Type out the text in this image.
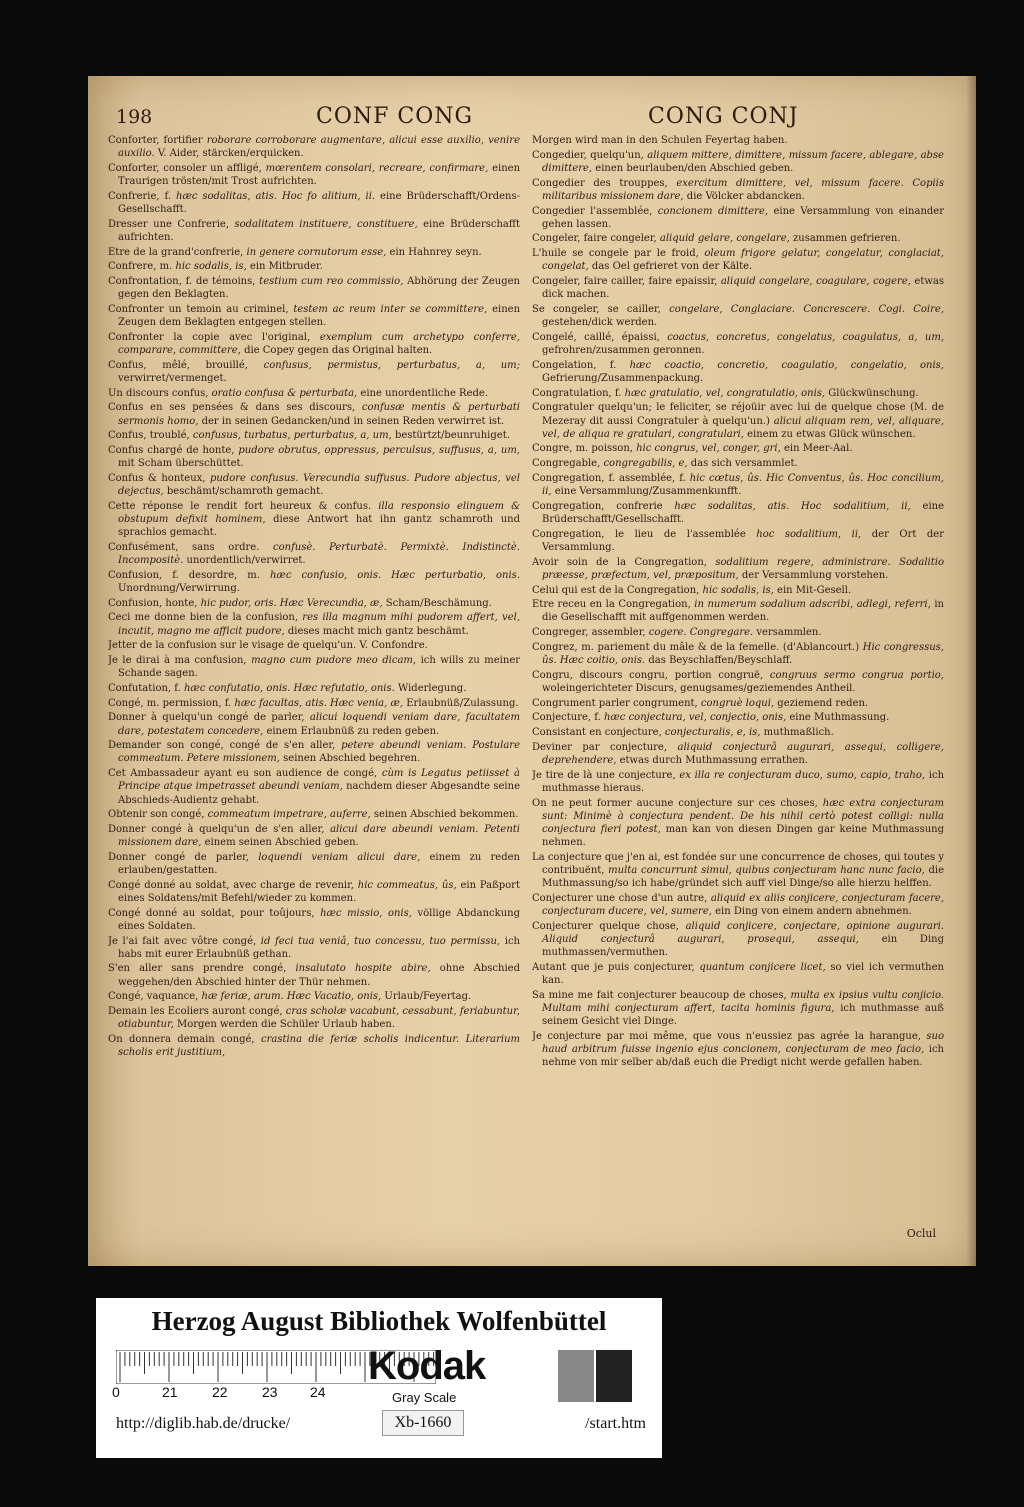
198	CONF CONG	CONG CONJ
Conforter, fortifier roborare corroborare augmentare, alicui esse auxilio, venire auxilio. V. Aider, stärcken/erquicken.
Conforter, consoler un affligé, mœrentem consolari, recreare, confirmare, einen Traurigen trösten/mit Trost aufrichten.
Confrerie, f. hæc sodalitas, atis. Hoc fo alitium, ii. eine Brüderschafft/Ordens-Gesellschafft.
Dresser une Confrerie, sodalitatem instituere, constituere, eine Brüderschafft aufrichten.
Etre de la grand'confrerie, in genere cornutorum esse, ein Hahnrey seyn.
Confrere, m. hic sodalis, is, ein Mitbruder.
Confrontation, f. de témoins, testium cum reo commissio, Abhörung der Zeugen gegen den Beklagten.
Confronter un temoin au criminel, testem ac reum inter se committere, einen Zeugen dem Beklagten entgegen stellen.
Confronter la copie avec l'original, exemplum cum archetypo conferre, comparare, committere, die Copey gegen das Original halten.
Confus, mêlé, brouillé, confusus, permistus, perturbatus, a, um; verwirret/vermenget.
Un discours confus, oratio confusa & perturbata, eine unordentliche Rede.
Confus en ses pensées & dans ses discours, confusæ mentis & perturbati sermonis homo, der in seinen Gedancken/und in seinen Reden verwirret ist.
Confus, troublé, confusus, turbatus, perturbatus, a, um, bestürtzt/beunruhiget.
Confus chargé de honte, pudore obrutus, oppressus, perculsus, suffusus, a, um, mit Scham überschüttet.
Confus & honteux, pudore confusus. Verecundia suffusus. Pudore abjectus, vel dejectus, beschämt/schamroth gemacht.
Cette réponse le rendit fort heureux & confus. illa responsio elinguem & obstupum defixit hominem, diese Antwort hat ihn gantz schamroth und sprachlos gemacht.
Confusément, sans ordre. confusè. Perturbatè. Permixtè. Indistinctè. Incompositè. unordentlich/verwirret.
Confusion, f. desordre, m. hæc confusio, onis. Hæc perturbatio, onis. Unordnung/Verwirrung.
Confusion, honte, hic pudor, oris. Hæc Verecundia, æ, Scham/Beschämung.
Ceci me donne bien de la confusion, res illa magnum mihi pudorem affert, vel, incutit, magno me afficit pudore, dieses macht mich gantz beschämt.
Jetter de la confusion sur le visage de quelqu'un. V. Confondre.
Je le dirai à ma confusion, magno cum pudore meo dicam, ich wills zu meiner Schande sagen.
Confutation, f. hæc confutatio, onis. Hæc refutatio, onis. Widerlegung.
Congé, m. permission, f. hæc facultas, atis. Hæc venia, æ, Erlaubnüß/Zulassung.
Donner à quelqu'un congé de parler, alicui loquendi veniam dare, facultatem dare, potestatem concedere, einem Erlaubnüß zu reden geben.
Demander son congé, congé de s'en aller, petere abeundi veniam. Postulare commeatum. Petere missionem, seinen Abschied begehren.
Cet Ambassadeur ayant eu son audience de congé, cùm is Legatus petiisset à Principe atque impetrasset abeundi veniam, nachdem dieser Abgesandte seine Abschieds-Audientz gehabt.
Obtenir son congé, commeatum impetrare, auferre, seinen Abschied bekommen.
Donner congé à quelqu'un de s'en aller, alicui dare abeundi veniam. Petenti missionem dare, einem seinen Abschied geben.
Donner congé de parler, loquendi veniam alicui dare, einem zu reden erlauben/gestatten.
Congé donné au soldat, avec charge de revenir, hic commeatus, ûs, ein Paßport eines Soldatens/mit Befehl/wieder zu kommen.
Congé donné au soldat, pour toûjours, hæc missio, onis, völlige Abdanckung eines Soldaten.
Je l'ai fait avec vôtre congé, id feci tua veniâ, tuo concessu, tuo permissu, ich habs mit eurer Erlaubnüß gethan.
S'en aller sans prendre congé, insalutato hospite abire, ohne Abschied weggehen/den Abschied hinter der Thür nehmen.
Congé, vaquance, hæ feriæ, arum. Hæc Vacatio, onis, Urlaub/Feyertag.
Demain les Ecoliers auront congé, cras scholæ vacabunt, cessabunt, feriabuntur, otiabuntur, Morgen werden die Schüler Urlaub haben.
On donnera demain congé, crastina die feriæ scholis indicentur. Literarium scholis erit justitium,
Morgen wird man in den Schulen Feyertag haben.
Congedier, quelqu'un, aliquem mittere, dimittere, missum facere, ablegare, abse dimittere, einen beurlauben/den Abschied geben.
Congedier des trouppes, exercitum dimittere, vel, missum facere. Copiis militaribus missionem dare, die Völcker abdancken.
Congedier l'assemblée, concionem dimittere, eine Versammlung von einander gehen lassen.
Congeler, faire congeler, aliquid gelare, congelare, zusammen gefrieren.
L'huile se congele par le froid, oleum frigore gelatur, congelatur, conglaciat, congelat, das Oel gefrieret von der Kälte.
Congeler, faire cailler, faire epaissir, aliquid congelare, coagulare, cogere, etwas dick machen.
Se congeler, se cailler, congelare, Conglaciare. Concrescere. Cogi. Coire, gestehen/dick werden.
Congelé, caillé, épaissi, coactus, concretus, congelatus, coagulatus, a, um, gefrohren/zusammen geronnen.
Congelation, f. hæc coactio, concretio, coagulatio, congelatio, onis, Gefrierung/Zusammenpackung.
Congratulation, f. hæc gratulatio, vel, congratulatio, onis, Glückwünschung.
Congratuler quelqu'un; le feliciter, se réjoüir avec lui de quelque chose (M. de Mezeray dit aussi Congratuler à quelqu'un.) alicui aliquam rem, vel, aliquare, vel, de aliqua re gratulari, congratulari, einem zu etwas Glück wünschen.
Congre, m. poisson, hic congrus, vel, conger, gri, ein Meer-Aal.
Congregable, congregabilis, e, das sich versammlet.
Congregation, f. assemblée, f. hic cœtus, ûs. Hic Conventus, ûs. Hoc concilium, ii, eine Versammlung/Zusammenkunfft.
Congregation, confrerie hæc sodalitas, atis. Hoc sodalitium, ii, eine Brüderschafft/Gesellschafft.
Congregation, le lieu de l'assemblée hoc sodalitium, ii, der Ort der Versammlung.
Avoir soin de la Congregation, sodalitium regere, administrare. Sodalitio præesse, præfectum, vel, præpositum, der Versammlung vorstehen.
Celui qui est de la Congregation, hic sodalis, is, ein Mit-Gesell.
Etre receu en la Congregation, in numerum sodalium adscribi, adlegi, referri, in die Gesellschafft mit auffgenommen werden.
Congreger, assembler, cogere. Congregare. versammlen.
Congrez, m. pariement du mâle & de la femelle. (d'Ablancourt.) Hic congressus, ûs. Hæc coitio, onis. das Beyschlaffen/Beyschlaff.
Congru, discours congru, portion congruë, congruus sermo congrua portio, woleingerichteter Discurs, genugsames/geziemendes Antheil.
Congrument parler congrument, congruè loqui, geziemend reden.
Conjecture, f. hæc conjectura, vel, conjectio, onis, eine Muthmassung.
Consistant en conjecture, conjecturalis, e, is, muthmaßlich.
Deviner par conjecture, aliquid conjecturâ augurari, assequi, colligere, deprehendere, etwas durch Muthmassung errathen.
Je tire de là une conjecture, ex illa re conjecturam duco, sumo, capio, traho, ich muthmasse hieraus.
On ne peut former aucune conjecture sur ces choses, hæc extra conjecturam sunt: Minimè à conjectura pendent. De his nihil certò potest colligi: nulla conjectura fieri potest, man kan von diesen Dingen gar keine Muthmassung nehmen.
La conjecture que j'en ai, est fondée sur une concurrence de choses, qui toutes y contribuënt, multa concurrunt simul, quibus conjecturam hanc nunc facio, die Muthmassung/so ich habe/gründet sich auff viel Dinge/so alle hierzu helffen.
Conjecturer une chose d'un autre, aliquid ex aliis conjicere, conjecturam facere, conjecturam ducere, vel, sumere, ein Ding von einem andern abnehmen.
Conjecturer quelque chose, aliquid conjicere, conjectare, opinione augurari. Aliquid conjecturâ augurari, prosequi, assequi, ein Ding muthmassen/vermuthen.
Autant que je puis conjecturer, quantum conjicere licet, so viel ich vermuthen kan.
Sa mine me fait conjecturer beaucoup de choses, multa ex ipsius vultu conjicio. Multam mihi conjecturam affert, tacita hominis figura, ich muthmasse auß seinem Gesicht viel Dinge.
Je conjecture par moi même, que vous n'eussiez pas agrée la harangue, suo haud arbitrum fuisse ingenio ejus concionem, conjecturam de meo facio, ich nehme von mir selber ab/daß euch die Predigt nicht werde gefallen haben.
Oclul
Herzog August Bibliothek Wolfenbüttel
0	21 22 23 24
Kodak
Gray Scale
http://diglib.hab.de/drucke/	Xb-1660	/start.htm
